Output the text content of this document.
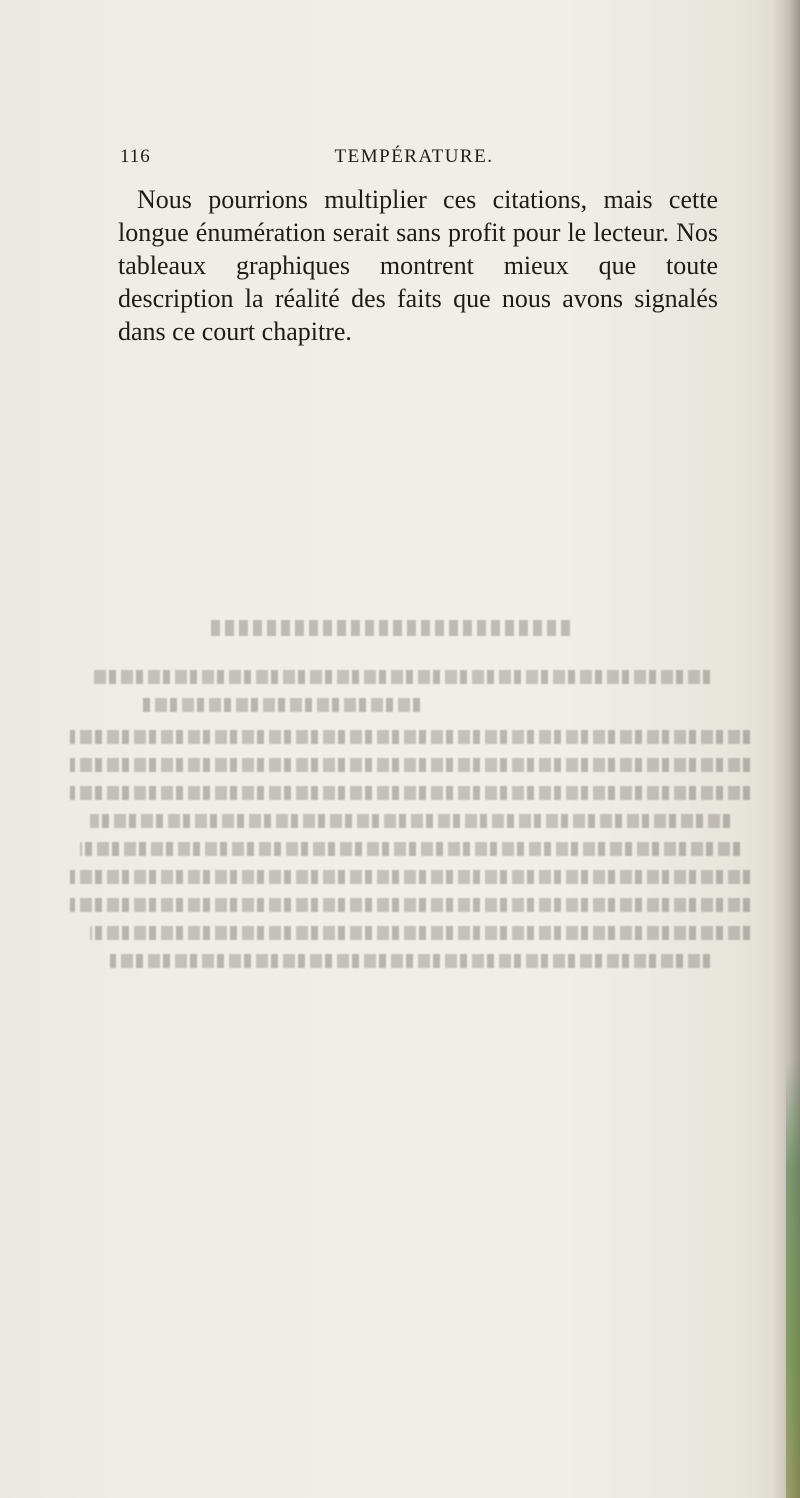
116	TEMPÉRATURE.

Nous pourrions multiplier ces citations, mais cette longue énumération serait sans profit pour le lecteur. Nos tableaux graphiques montrent mieux que toute description la réalité des faits que nous avons signalés dans ce court chapitre.
